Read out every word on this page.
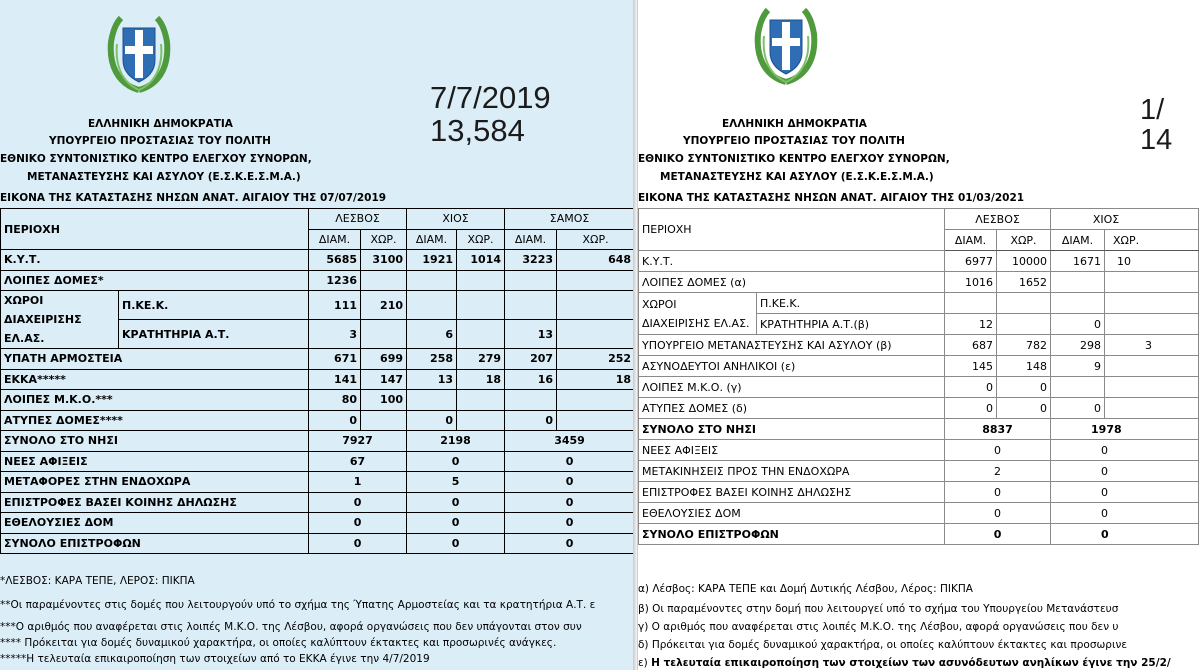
ΕΛΛΗΝΙΚΗ ΔΗΜΟΚΡΑΤΙΑ
ΥΠΟΥΡΓΕΙΟ ΠΡΟΣΤΑΣΙΑΣ ΤΟΥ ΠΟΛΙΤΗ
ΕΘΝΙΚΟ ΣΥΝΤΟΝΙΣΤΙΚΟ ΚΕΝΤΡΟ ΕΛΕΓΧΟΥ ΣΥΝΟΡΩΝ,
ΜΕΤΑΝΑΣΤΕΥΣΗΣ ΚΑΙ ΑΣΥΛΟΥ (Ε.Σ.Κ.Ε.Σ.Μ.Α.)
7/7/2019
13,584
ΕΙΚΟΝΑ ΤΗΣ ΚΑΤΑΣΤΑΣΗΣ ΝΗΣΩΝ ΑΝΑΤ. ΑΙΓΑΙΟΥ ΤΗΣ 07/07/2019
ΠΕΡΙΟΧΗ		ΛΕΣΒΟΣ		ΧΙΟΣ		ΣΑΜΟΣ	
		ΔΙΑΜ.	ΧΩΡ.	ΔΙΑΜ.	ΧΩΡ.	ΔΙΑΜ.	ΧΩΡ.
Κ.Υ.Τ.		5685	3100	1921	1014	3223	648
ΛΟΙΠΕΣ ΔΟΜΕΣ*		1236					
ΧΩΡΟΙ
ΔΙΑΧΕΙΡΙΣΗΣ ΕΛ.ΑΣ.	Π.ΚΕ.Κ.	111	210				
	ΚΡΑΤΗΤΗΡΙΑ Α.Τ.	3		6		13	
ΥΠΑΤΗ ΑΡΜΟΣΤΕΙΑ		671	699	258	279	207	252
ΕΚΚΑ*****		141	147	13	18	16	18
ΛΟΙΠΕΣ Μ.Κ.Ο.***		80	100				
ΑΤΥΠΕΣ ΔΟΜΕΣ****		0		0		0	
ΣΥΝΟΛΟ ΣΤΟ ΝΗΣΙ		7927		2198		3459	
ΝΕΕΣ ΑΦΙΞΕΙΣ		67		0		0	
ΜΕΤΑΦΟΡΕΣ ΣΤΗΝ ΕΝΔΟΧΩΡΑ		1		5		0	
ΕΠΙΣΤΡΟΦΕΣ ΒΑΣΕΙ ΚΟΙΝΗΣ ΔΗΛΩΣΗΣ		0		0		0	
ΕΘΕΛΟΥΣΙΕΣ ΔΟΜ		0		0		0	
ΣΥΝΟΛΟ ΕΠΙΣΤΡΟΦΩΝ		0		0		0	
*ΛΕΣΒΟΣ: ΚΑΡΑ ΤΕΠΕ, ΛΕΡΟΣ: ΠΙΚΠΑ
**Οι παραμένοντες στις δομές που λειτουργούν υπό το σχήμα της Ύπατης Αρμοστείας και τα κρατητήρια Α.Τ. ε
***Ο αριθμός που αναφέρεται στις λοιπές Μ.Κ.Ο. της Λέσβου, αφορά οργανώσεις που δεν υπάγονται στον συν
**** Πρόκειται για δομές δυναμικού χαρακτήρα, οι οποίες καλύπτουν έκτακτες και προσωρινές ανάγκες.
*****Η τελευταία επικαιροποίηση των στοιχείων από το ΕΚΚΑ έγινε την 4/7/2019
ΕΛΛΗΝΙΚΗ ΔΗΜΟΚΡΑΤΙΑ
ΥΠΟΥΡΓΕΙΟ ΠΡΟΣΤΑΣΙΑΣ ΤΟΥ ΠΟΛΙΤΗ
ΕΘΝΙΚΟ ΣΥΝΤΟΝΙΣΤΙΚΟ ΚΕΝΤΡΟ ΕΛΕΓΧΟΥ ΣΥΝΟΡΩΝ,
ΜΕΤΑΝΑΣΤΕΥΣΗΣ ΚΑΙ ΑΣΥΛΟΥ (Ε.Σ.Κ.Ε.Σ.Μ.Α.)
1/
14
ΕΙΚΟΝΑ ΤΗΣ ΚΑΤΑΣΤΑΣΗΣ ΝΗΣΩΝ ΑΝΑΤ. ΑΙΓΑΙΟΥ ΤΗΣ 01/03/2021
ΠΕΡΙΟΧΗ		ΛΕΣΒΟΣ		ΧΙΟΣ	
		ΔΙΑΜ.	ΧΩΡ.	ΔΙΑΜ.	ΧΩΡ.
Κ.Υ.Τ.		6977	10000	1671	10
ΛΟΙΠΕΣ ΔΟΜΕΣ (α)		1016	1652		
ΧΩΡΟΙ
ΔΙΑΧΕΙΡΙΣΗΣ ΕΛ.ΑΣ.	Π.ΚΕ.Κ.				
	ΚΡΑΤΗΤΗΡΙΑ Α.Τ.(β)	12		0	
ΥΠΟΥΡΓΕΙΟ ΜΕΤΑΝΑΣΤΕΥΣΗΣ ΚΑΙ ΑΣΥΛΟΥ (β)		687	782	298	3
ΑΣΥΝΟΔΕΥΤΟΙ ΑΝΗΛΙΚΟΙ (ε)		145	148	9	
ΛΟΙΠΕΣ Μ.Κ.Ο. (γ)		0	0		
ΑΤΥΠΕΣ ΔΟΜΕΣ (δ)		0	0	0	
ΣΥΝΟΛΟ ΣΤΟ ΝΗΣΙ		8837		1978	
ΝΕΕΣ ΑΦΙΞΕΙΣ		0		0	
ΜΕΤΑΚΙΝΗΣΕΙΣ ΠΡΟΣ ΤΗΝ ΕΝΔΟΧΩΡΑ		2		0	
ΕΠΙΣΤΡΟΦΕΣ ΒΑΣΕΙ ΚΟΙΝΗΣ ΔΗΛΩΣΗΣ		0		0	
ΕΘΕΛΟΥΣΙΕΣ ΔΟΜ		0		0	
ΣΥΝΟΛΟ ΕΠΙΣΤΡΟΦΩΝ		0		0	
α) Λέσβος: ΚΑΡΑ ΤΕΠΕ και Δομή Δυτικής Λέσβου, Λέρος: ΠΙΚΠΑ
β) Οι παραμένοντες στην δομή που λειτουργεί υπό το σχήμα του Υπουργείου Μετανάστευσ
γ) Ο αριθμός που αναφέρεται στις λοιπές Μ.Κ.Ο. της Λέσβου, αφορά οργανώσεις που δεν υ
δ) Πρόκειται για δομές δυναμικού χαρακτήρα, οι οποίες καλύπτουν έκτακτες και προσωρινε
ε) Η τελευταία επικαιροποίηση των στοιχείων των ασυνόδευτων ανηλίκων έγινε την 25/2/
